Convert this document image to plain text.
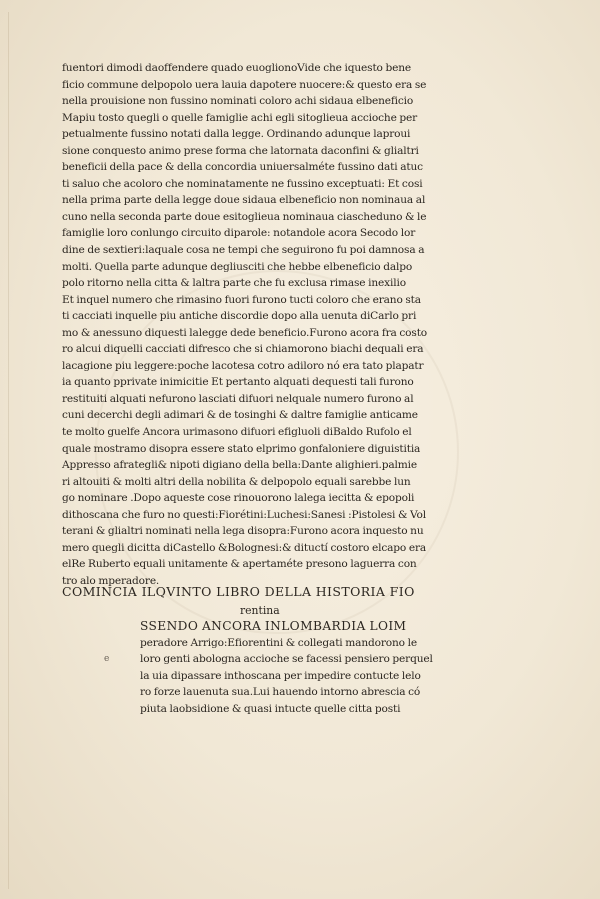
fuentori dimodi daoffendere quado euoglionoVide che iquesto bene
ficio commune delpopolo uera lauia dapotere nuocere:& questo era se
nella prouisione non fussino nominati coloro achi sidaua elbeneficio
Mapiu tosto quegli o quelle famiglie achi egli sitoglieua accioche per
petualmente fussino notati dalla legge. Ordinando adunque laproui
sione conquesto animo prese forma che latornata daconfini & glialtri
beneficii della pace & della concordia uniuersalméte fussino dati atuc
ti saluo che acoloro che nominatamente ne fussino exceptuati: Et cosi
nella prima parte della legge doue sidaua elbeneficio non nominaua al
cuno nella seconda parte doue esitoglieua nominaua ciascheduno & le
famiglie loro conlungo circuito diparole: notandole acora Secodo lor
dine de sextieri:laquale cosa ne tempi che seguirono fu poi damnosa a
molti. Quella parte adunque degliusciti che hebbe elbeneficio dalpo
polo ritorno nella citta & laltra parte che fu exclusa rimase inexilio
Et inquel numero che rimasino fuori furono tucti coloro che erano sta
ti cacciati inquelle piu antiche discordie dopo alla uenuta diCarlo pri
mo & anessuno diquesti lalegge dede beneficio.Furono acora fra costo
ro alcui diquelli cacciati difresco che si chiamorono biachi dequali era
lacagione piu leggere:poche lacotesa cotro adiloro nó era tato plapatr
ia quanto pprivate inimicitie Et pertanto alquati dequesti tali furono
restituiti alquati nefurono lasciati difuori nelquale numero furono al
cuni decerchi degli adimari & de tosinghi & daltre famiglie anticame
te molto guelfe Ancora urimasono difuori efigluoli diBaldo Rufolo el
quale mostramo disopra essere stato elprimo gonfaloniere diguistitia
Appresso afrategli& nipoti digiano della bella:Dante alighieri.palmie
ri altouiti & molti altri della nobilita & delpopolo equali sarebbe lun
go nominare .Dopo aqueste cose rinouorono lalega iecitta & epopoli
dithoscana che furo no questi:Fiorétini:Luchesi:Sanesi :Pistolesi & Vol
terani & glialtri nominati nella lega disopra:Furono acora inquesto nu
mero quegli dicitta diCastello &Bolognesi:& dituctí costoro elcapo era
elRe Ruberto equali unitamente & apertaméte presono laguerra con
tro alo mperadore.
COMINCIA ILQVINTO LIBRO DELLA HISTORIA FIO
rentina
e
SSENDO ANCORA INLOMBARDIA LOIM
peradore Arrigo:Efiorentini & collegati mandorono le
loro genti abologna accioche se facessi pensiero perquel
la uia dipassare inthoscana per impedire contucte lelo
ro forze lauenuta sua.Lui hauendo intorno abrescia có
piuta laobsidione & quasi intucte quelle citta posti
